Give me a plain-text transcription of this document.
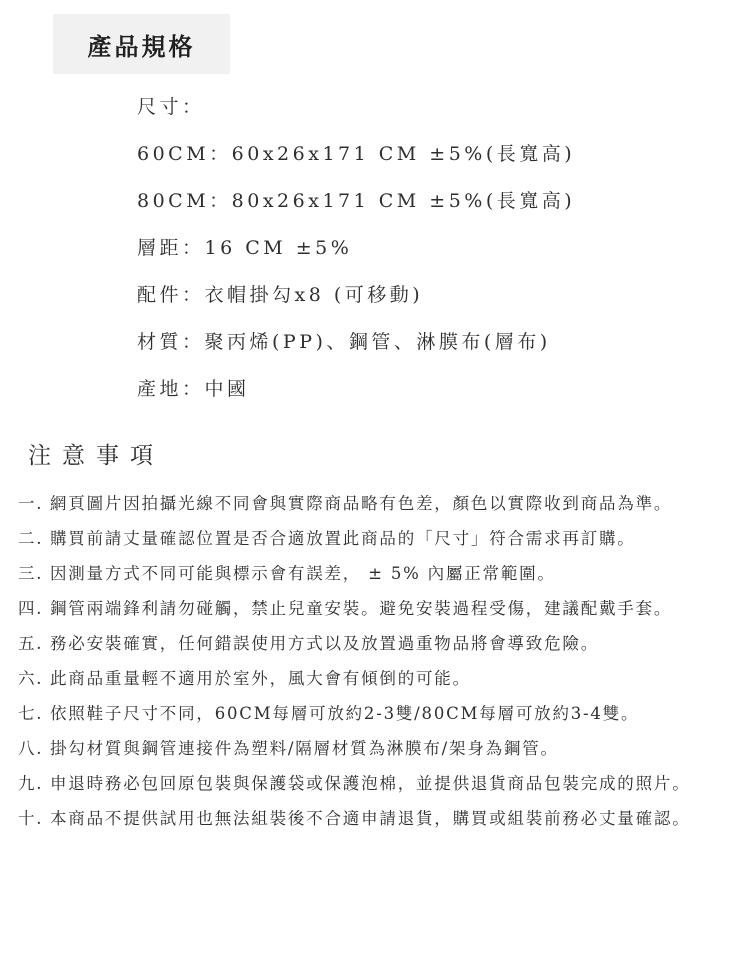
產品規格
尺寸：
60CM：60x26x171 CM ±5%(長寬高)
80CM：80x26x171 CM ±5%(長寬高)
層距：16 CM ±5%
配件：衣帽掛勾x8 (可移動)
材質：聚丙烯(PP)、鋼管、淋膜布(層布)
產地：中國
注意事項
一. 網頁圖片因拍攝光線不同會與實際商品略有色差，顏色以實際收到商品為準。
二. 購買前請丈量確認位置是否合適放置此商品的「尺寸」符合需求再訂購。
三. 因測量方式不同可能與標示會有誤差， ± 5% 內屬正常範圍。
四. 鋼管兩端鋒利請勿碰觸，禁止兒童安裝。避免安裝過程受傷，建議配戴手套。
五. 務必安裝確實，任何錯誤使用方式以及放置過重物品將會導致危險。
六. 此商品重量輕不適用於室外，風大會有傾倒的可能。
七. 依照鞋子尺寸不同，60CM每層可放約2-3雙/80CM每層可放約3-4雙。
八. 掛勾材質與鋼管連接件為塑料/隔層材質為淋膜布/架身為鋼管。
九. 申退時務必包回原包裝與保護袋或保護泡棉，並提供退貨商品包裝完成的照片。
十. 本商品不提供試用也無法組裝後不合適申請退貨，購買或組裝前務必丈量確認。
